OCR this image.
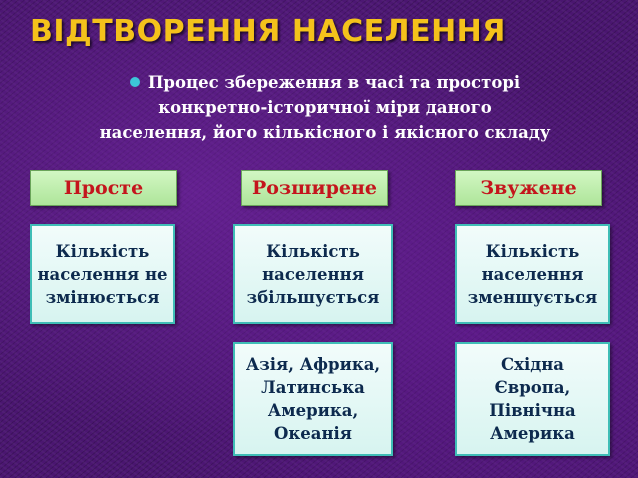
ВІДТВОРЕННЯ НАСЕЛЕННЯ
Процес збереження в часі та просторі
конкретно-історичної міри даного
населення, його кількісного і якісного складу
Просте	Розширене	Звужене
Кількість
населення не
змінюється
Кількість
населення
збільшується
Кількість
населення
зменшується
Азія, Африка,
Латинська
Америка,
Океанія
Східна
Європа,
Північна
Америка
